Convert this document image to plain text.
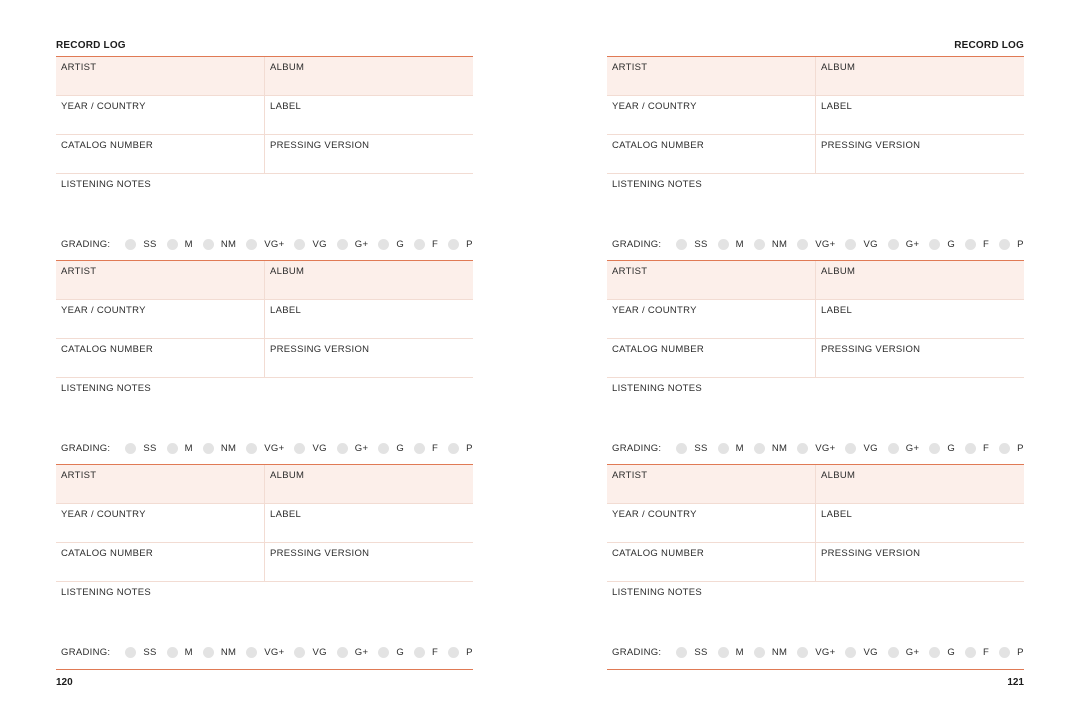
RECORD LOG
ARTIST	ALBUM
YEAR / COUNTRY	LABEL
CATALOG NUMBER	PRESSING VERSION
LISTENING NOTES
GRADING:	SS	M	NM	VG+	VG	G+	G	F	P
ARTIST	ALBUM
YEAR / COUNTRY	LABEL
CATALOG NUMBER	PRESSING VERSION
LISTENING NOTES
GRADING:	SS	M	NM	VG+	VG	G+	G	F	P
ARTIST	ALBUM
YEAR / COUNTRY	LABEL
CATALOG NUMBER	PRESSING VERSION
LISTENING NOTES
GRADING:	SS	M	NM	VG+	VG	G+	G	F	P
120
RECORD LOG
ARTIST	ALBUM
YEAR / COUNTRY	LABEL
CATALOG NUMBER	PRESSING VERSION
LISTENING NOTES
GRADING:	SS	M	NM	VG+	VG	G+	G	F	P
ARTIST	ALBUM
YEAR / COUNTRY	LABEL
CATALOG NUMBER	PRESSING VERSION
LISTENING NOTES
GRADING:	SS	M	NM	VG+	VG	G+	G	F	P
ARTIST	ALBUM
YEAR / COUNTRY	LABEL
CATALOG NUMBER	PRESSING VERSION
LISTENING NOTES
GRADING:	SS	M	NM	VG+	VG	G+	G	F	P
121
